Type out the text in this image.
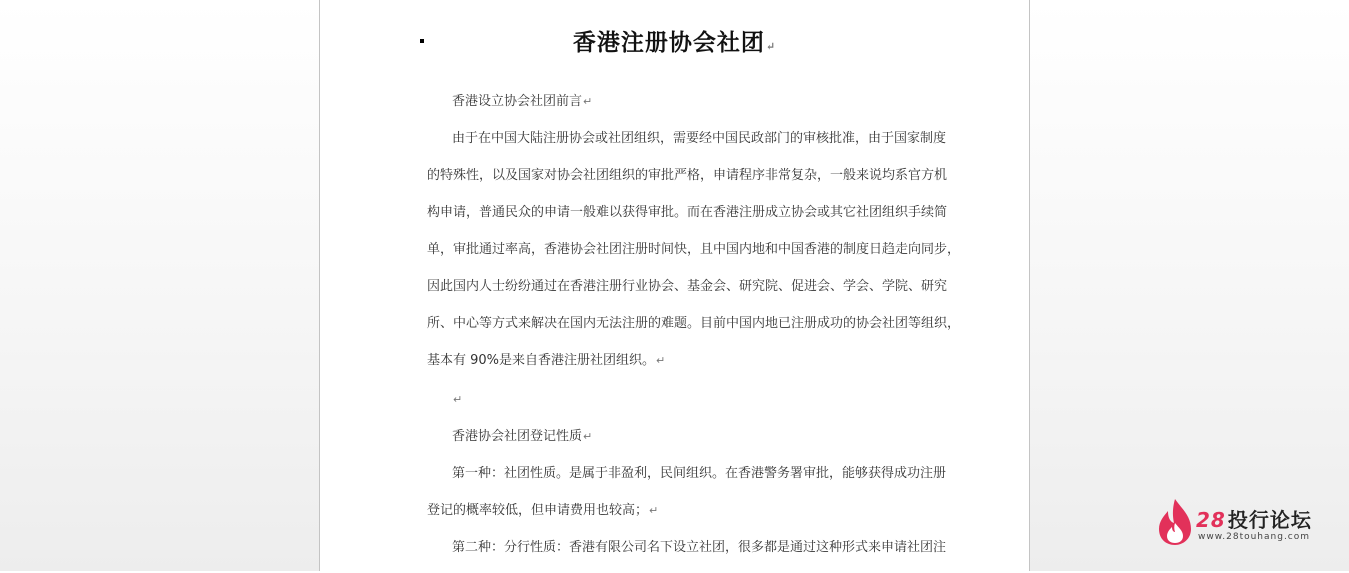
香港注册协会社团↵
香港设立协会社团前言↵
由于在中国大陆注册协会或社团组织，需要经中国民政部门的审核批准，由于国家制度
的特殊性，以及国家对协会社团组织的审批严格，申请程序非常复杂，一般来说均系官方机
构申请，普通民众的申请一般难以获得审批。而在香港注册成立协会或其它社团组织手续简
单，审批通过率高，香港协会社团注册时间快，且中国内地和中国香港的制度日趋走向同步，
因此国内人士纷纷通过在香港注册行业协会、基金会、研究院、促进会、学会、学院、研究
所、中心等方式来解决在国内无法注册的难题。目前中国内地已注册成功的协会社团等组织，
基本有 90%是来自香港注册社团组织。↵
↵
香港协会社团登记性质↵
第一种：社团性质。是属于非盈利，民间组织。在香港警务署审批，能够获得成功注册
登记的概率较低，但申请费用也较高；↵
第二种：分行性质：香港有限公司名下设立社团，很多都是通过这种形式来申请社团注
28 投行论坛
www.28touhang.com
